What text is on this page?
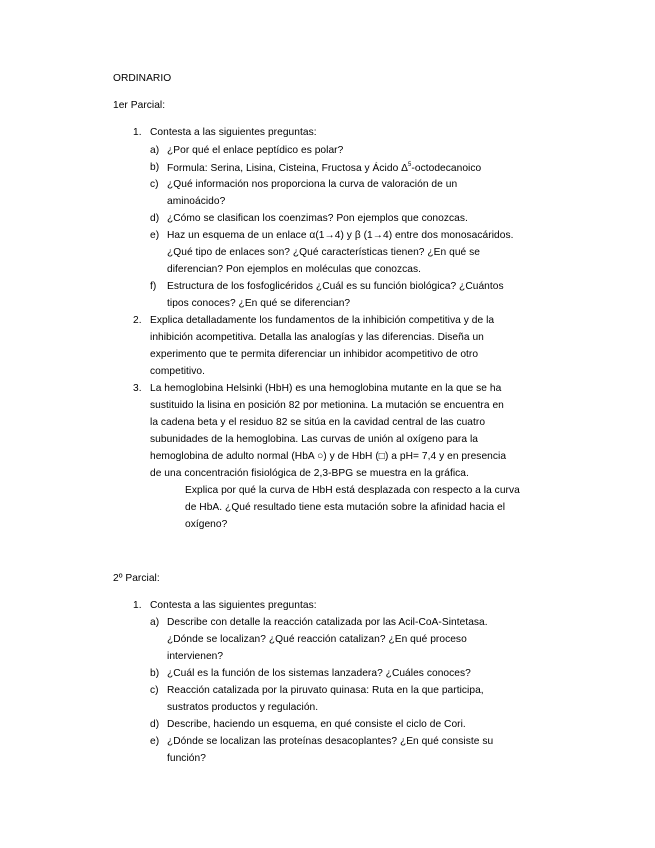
ORDINARIO
1er Parcial:
1. Contesta a las siguientes preguntas:
a) ¿Por qué el enlace peptídico es polar?
b) Formula: Serina, Lisina, Cisteina, Fructosa y Ácido $\Delta^5$-octodecanoico
c) ¿Qué información nos proporciona la curva de valoración de un
aminoácido?
d) ¿Cómo se clasifican los coenzimas? Pon ejemplos que conozcas.
e) Haz un esquema de un enlace α(1→4) y β (1→4) entre dos monosacáridos.
¿Qué tipo de enlaces son? ¿Qué características tienen? ¿En qué se
diferencian? Pon ejemplos en moléculas que conozcas.
f) Estructura de los fosfoglicéridos ¿Cuál es su función biológica? ¿Cuántos
tipos conoces? ¿En qué se diferencian?
2. Explica detalladamente los fundamentos de la inhibición competitiva y de la
inhibición acompetitiva. Detalla las analogías y las diferencias. Diseña un
experimento que te permita diferenciar un inhibidor acompetitivo de otro
competitivo.
3. La hemoglobina Helsinki (HbH) es una hemoglobina mutante en la que se ha
sustituido la lisina en posición 82 por metionina. La mutación se encuentra en
la cadena beta y el residuo 82 se sitúa en la cavidad central de las cuatro
subunidades de la hemoglobina. Las curvas de unión al oxígeno para la
hemoglobina de adulto normal (HbA ○) y de HbH (□) a pH= 7,4 y en presencia
de una concentración fisiológica de 2,3-BPG se muestra en la gráfica.
Explica por qué la curva de HbH está desplazada con respecto a la curva
de HbA. ¿Qué resultado tiene esta mutación sobre la afinidad hacia el
oxígeno?
2º Parcial:
1. Contesta a las siguientes preguntas:
a) Describe con detalle la reacción catalizada por las Acil-CoA-Sintetasa.
¿Dónde se localizan? ¿Qué reacción catalizan? ¿En qué proceso
intervienen?
b) ¿Cuál es la función de los sistemas lanzadera? ¿Cuáles conoces?
c) Reacción catalizada por la piruvato quinasa: Ruta en la que participa,
sustratos productos y regulación.
d) Describe, haciendo un esquema, en qué consiste el ciclo de Cori.
e) ¿Dónde se localizan las proteínas desacoplantes? ¿En qué consiste su
función?
